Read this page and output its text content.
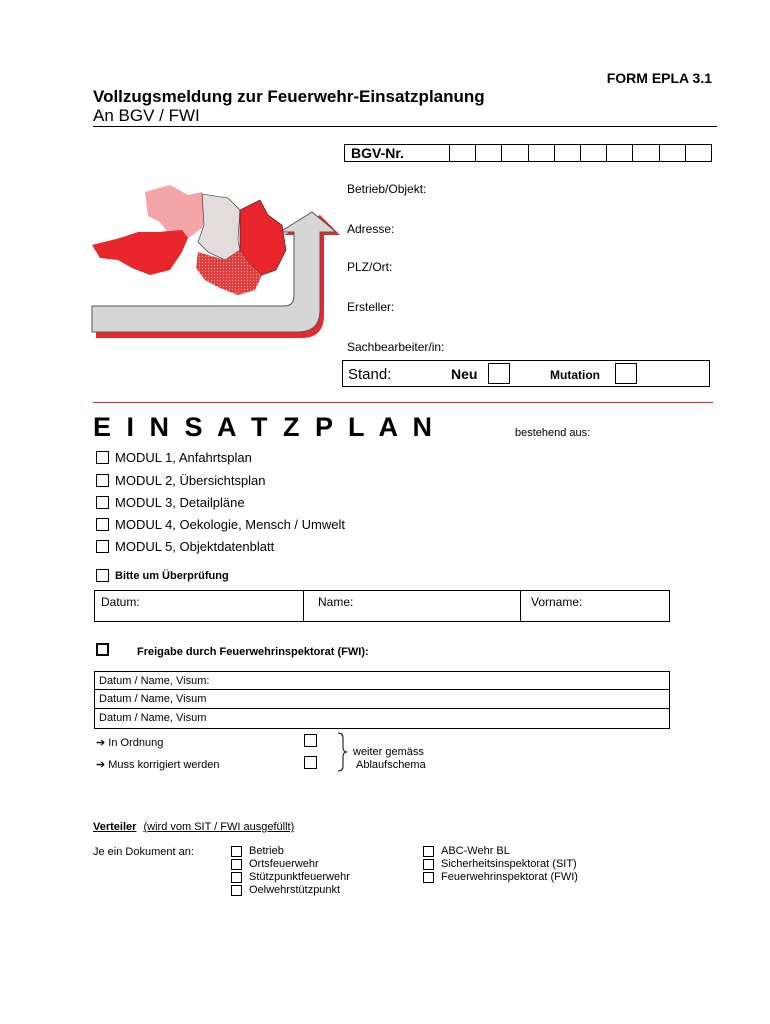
FORM EPLA 3.1
Vollzugsmeldung zur Feuerwehr-Einsatzplanung
An BGV / FWI
BGV-Nr.
Betrieb/Objekt:
Adresse:
PLZ/Ort:
Ersteller:
Sachbearbeiter/in:
Stand:	Neu	Mutation
E I N S A T Z P L A N	bestehend aus:
MODUL 1, Anfahrtsplan
MODUL 2, Übersichtsplan
MODUL 3, Detailpläne
MODUL 4, Oekologie, Mensch / Umwelt
MODUL 5, Objektdatenblatt
Bitte um Überprüfung
Datum:	Name:	Vorname:
Freigabe durch Feuerwehrinspektorat (FWI):
Datum / Name, Visum:
Datum / Name, Visum
Datum / Name, Visum
➔ In Ordnung
➔ Muss korrigiert werden
weiter gemäss
Ablaufschema
Verteiler (wird vom SIT / FWI ausgefüllt)
Je ein Dokument an:	Betrieb
Ortsfeuerwehr
Stützpunktfeuerwehr
Oelwehrstützpunkt
ABC-Wehr BL
Sicherheitsinspektorat (SIT)
Feuerwehrinspektorat (FWI)
